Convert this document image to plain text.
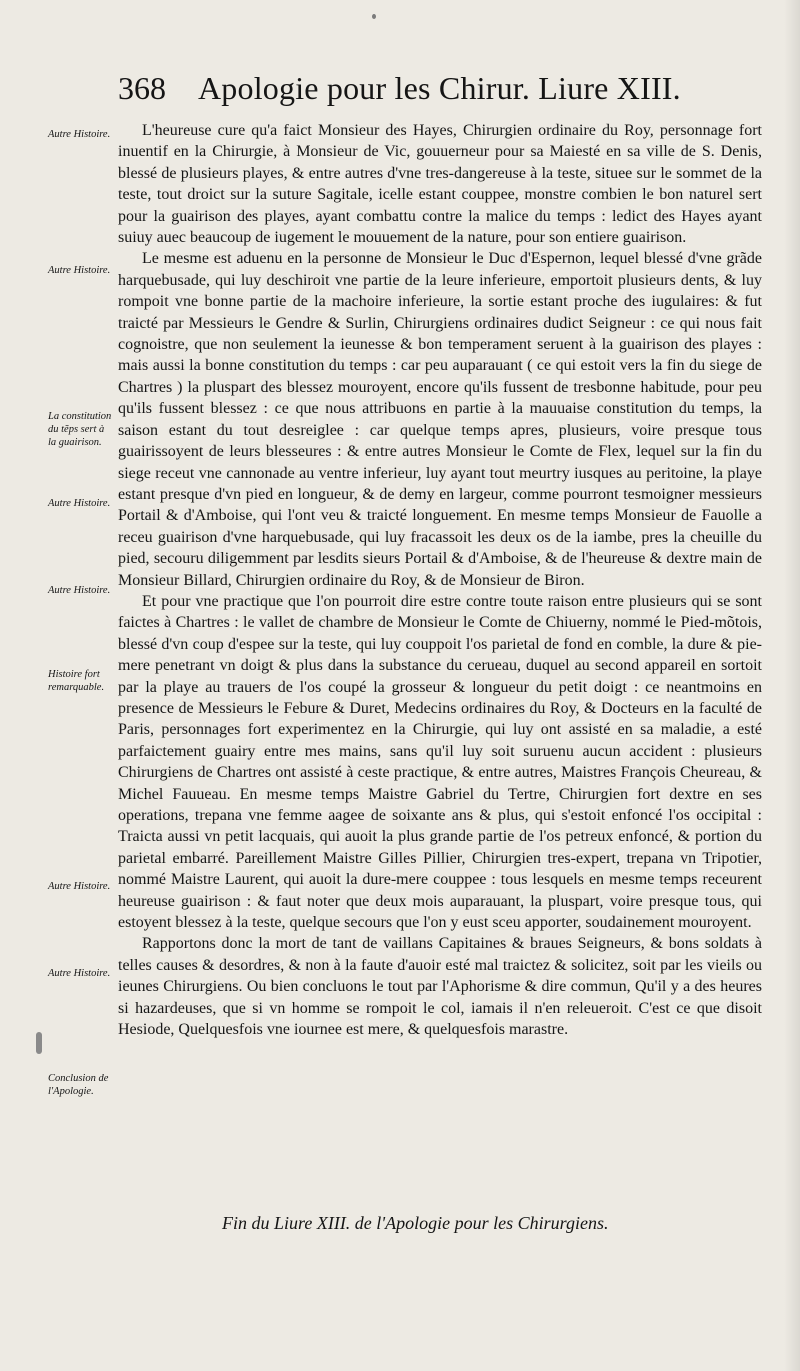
368 Apologie pour les Chirur. Liure XIII.
Autre Histoire.
Autre Histoire.
La constitution du tẽps sert à la guairison.
Autre Histoire.
Autre Histoire.
Histoire fort remarquable.
Autre Histoire.
Autre Histoire.
Conclusion de l'Apologie.

L'heureuse cure qu'a faict Monsieur des Hayes, Chirurgien ordinaire du Roy, personnage fort inuentif en la Chirurgie, à Monsieur de Vic, gouuerneur pour sa Maiesté en sa ville de S. Denis, blessé de plusieurs playes, & entre autres d'vne tres-dangereuse à la teste, situee sur le sommet de la teste, tout droict sur la suture Sagitale, icelle estant couppee, monstre combien le bon naturel sert pour la guairison des playes, ayant combattu contre la malice du temps : ledict des Hayes ayant suiuy auec beaucoup de iugement le mouuement de la nature, pour son entiere guairison.

Le mesme est aduenu en la personne de Monsieur le Duc d'Espernon, lequel blessé d'vne grãde harquebusade, qui luy deschiroit vne partie de la leure inferieure, emportoit plusieurs dents, & luy rompoit vne bonne partie de la machoire inferieure, la sortie estant proche des iugulaires: & fut traicté par Messieurs le Gendre & Surlin, Chirurgiens ordinaires dudict Seigneur : ce qui nous fait cognoistre, que non seulement la ieunesse & bon temperament seruent à la guairison des playes : mais aussi la bonne constitution du temps : car peu auparauant ( ce qui estoit vers la fin du siege de Chartres ) la pluspart des blessez mouroyent, encore qu'ils fussent de tresbonne habitude, pour peu qu'ils fussent blessez : ce que nous attribuons en partie à la mauuaise constitution du temps, la saison estant du tout desreiglee : car quelque temps apres, plusieurs, voire presque tous guairissoyent de leurs blesseures : & entre autres Monsieur le Comte de Flex, lequel sur la fin du siege receut vne cannonade au ventre inferieur, luy ayant tout meurtry iusques au peritoine, la playe estant presque d'vn pied en longueur, & de demy en largeur, comme pourront tesmoigner messieurs Portail & d'Amboise, qui l'ont veu & traicté longuement. En mesme temps Monsieur de Fauolle a receu guairison d'vne harquebusade, qui luy fracassoit les deux os de la iambe, pres la cheuille du pied, secouru diligemment par lesdits sieurs Portail & d'Amboise, & de l'heureuse & dextre main de Monsieur Billard, Chirurgien ordinaire du Roy, & de Monsieur de Biron.

Et pour vne practique que l'on pourroit dire estre contre toute raison entre plusieurs qui se sont faictes à Chartres : le vallet de chambre de Monsieur le Comte de Chiuerny, nommé le Pied-mõtois, blessé d'vn coup d'espee sur la teste, qui luy couppoit l'os parietal de fond en comble, la dure & pie-mere penetrant vn doigt & plus dans la substance du cerueau, duquel au second appareil en sortoit par la playe au trauers de l'os coupé la grosseur & longueur du petit doigt : ce neantmoins en presence de Messieurs le Febure & Duret, Medecins ordinaires du Roy, & Docteurs en la faculté de Paris, personnages fort experimentez en la Chirurgie, qui luy ont assisté en sa maladie, a esté parfaictement guairy entre mes mains, sans qu'il luy soit suruenu aucun accident : plusieurs Chirurgiens de Chartres ont assisté à ceste practique, & entre autres, Maistres François Cheureau, & Michel Fauueau. En mesme temps Maistre Gabriel du Tertre, Chirurgien fort dextre en ses operations, trepana vne femme aagee de soixante ans & plus, qui s'estoit enfoncé l'os occipital : Traicta aussi vn petit lacquais, qui auoit la plus grande partie de l'os petreux enfoncé, & portion du parietal embarré. Pareillement Maistre Gilles Pillier, Chirurgien tres-expert, trepana vn Tripotier, nommé Maistre Laurent, qui auoit la dure-mere couppee : tous lesquels en mesme temps receurent heureuse guairison : & faut noter que deux mois auparauant, la pluspart, voire presque tous, qui estoyent blessez à la teste, quelque secours que l'on y eust sceu apporter, soudainement mouroyent.

Rapportons donc la mort de tant de vaillans Capitaines & braues Seigneurs, & bons soldats à telles causes & desordres, & non à la faute d'auoir esté mal traictez & solicitez, soit par les vieils ou ieunes Chirurgiens. Ou bien concluons le tout par l'Aphorisme & dire commun, Qu'il y a des heures si hazardeuses, que si vn homme se rompoit le col, iamais il n'en releueroit. C'est ce que disoit Hesiode, Quelquesfois vne iournee est mere, & quelquesfois marastre.

Fin du Liure XIII. de l'Apologie pour les Chirurgiens.
